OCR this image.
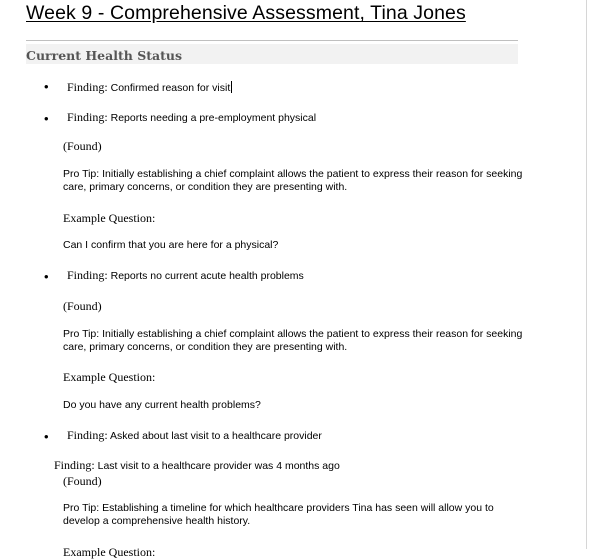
Week 9 - Comprehensive Assessment, Tina Jones
Current Health Status
• Finding: Confirmed reason for visit
• Finding: Reports needing a pre-employment physical
(Found)
Pro Tip: Initially establishing a chief complaint allows the patient to express their reason for seeking care, primary concerns, or condition they are presenting with.
Example Question:
Can I confirm that you are here for a physical?
• Finding: Reports no current acute health problems
(Found)
Pro Tip: Initially establishing a chief complaint allows the patient to express their reason for seeking care, primary concerns, or condition they are presenting with.
Example Question:
Do you have any current health problems?
• Finding: Asked about last visit to a healthcare provider
Finding: Last visit to a healthcare provider was 4 months ago
(Found)
Pro Tip: Establishing a timeline for which healthcare providers Tina has seen will allow you to develop a comprehensive health history.
Example Question:
